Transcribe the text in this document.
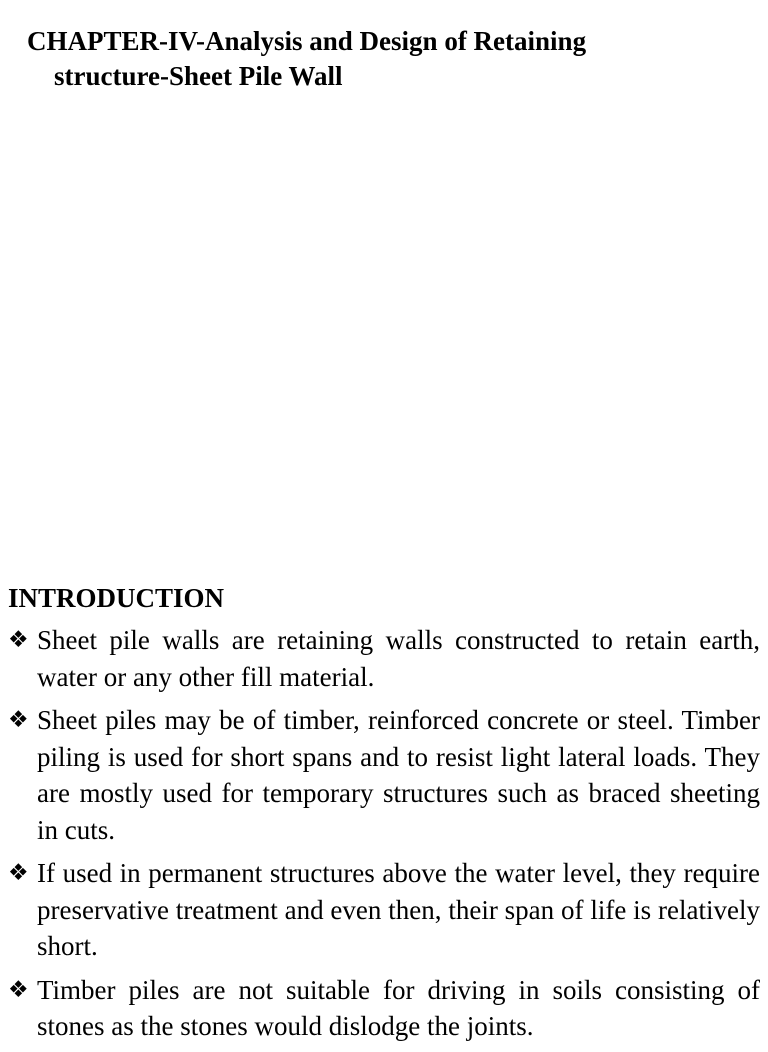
CHAPTER-IV-Analysis and Design of Retaining
structure-Sheet Pile Wall
INTRODUCTION
❖ Sheet pile walls are retaining walls constructed to retain earth, water or any other fill material.
❖ Sheet piles may be of timber, reinforced concrete or steel. Timber piling is used for short spans and to resist light lateral loads. They are mostly used for temporary structures such as braced sheeting in cuts.
❖ If used in permanent structures above the water level, they require preservative treatment and even then, their span of life is relatively short.
❖ Timber piles are not suitable for driving in soils consisting of stones as the stones would dislodge the joints.
